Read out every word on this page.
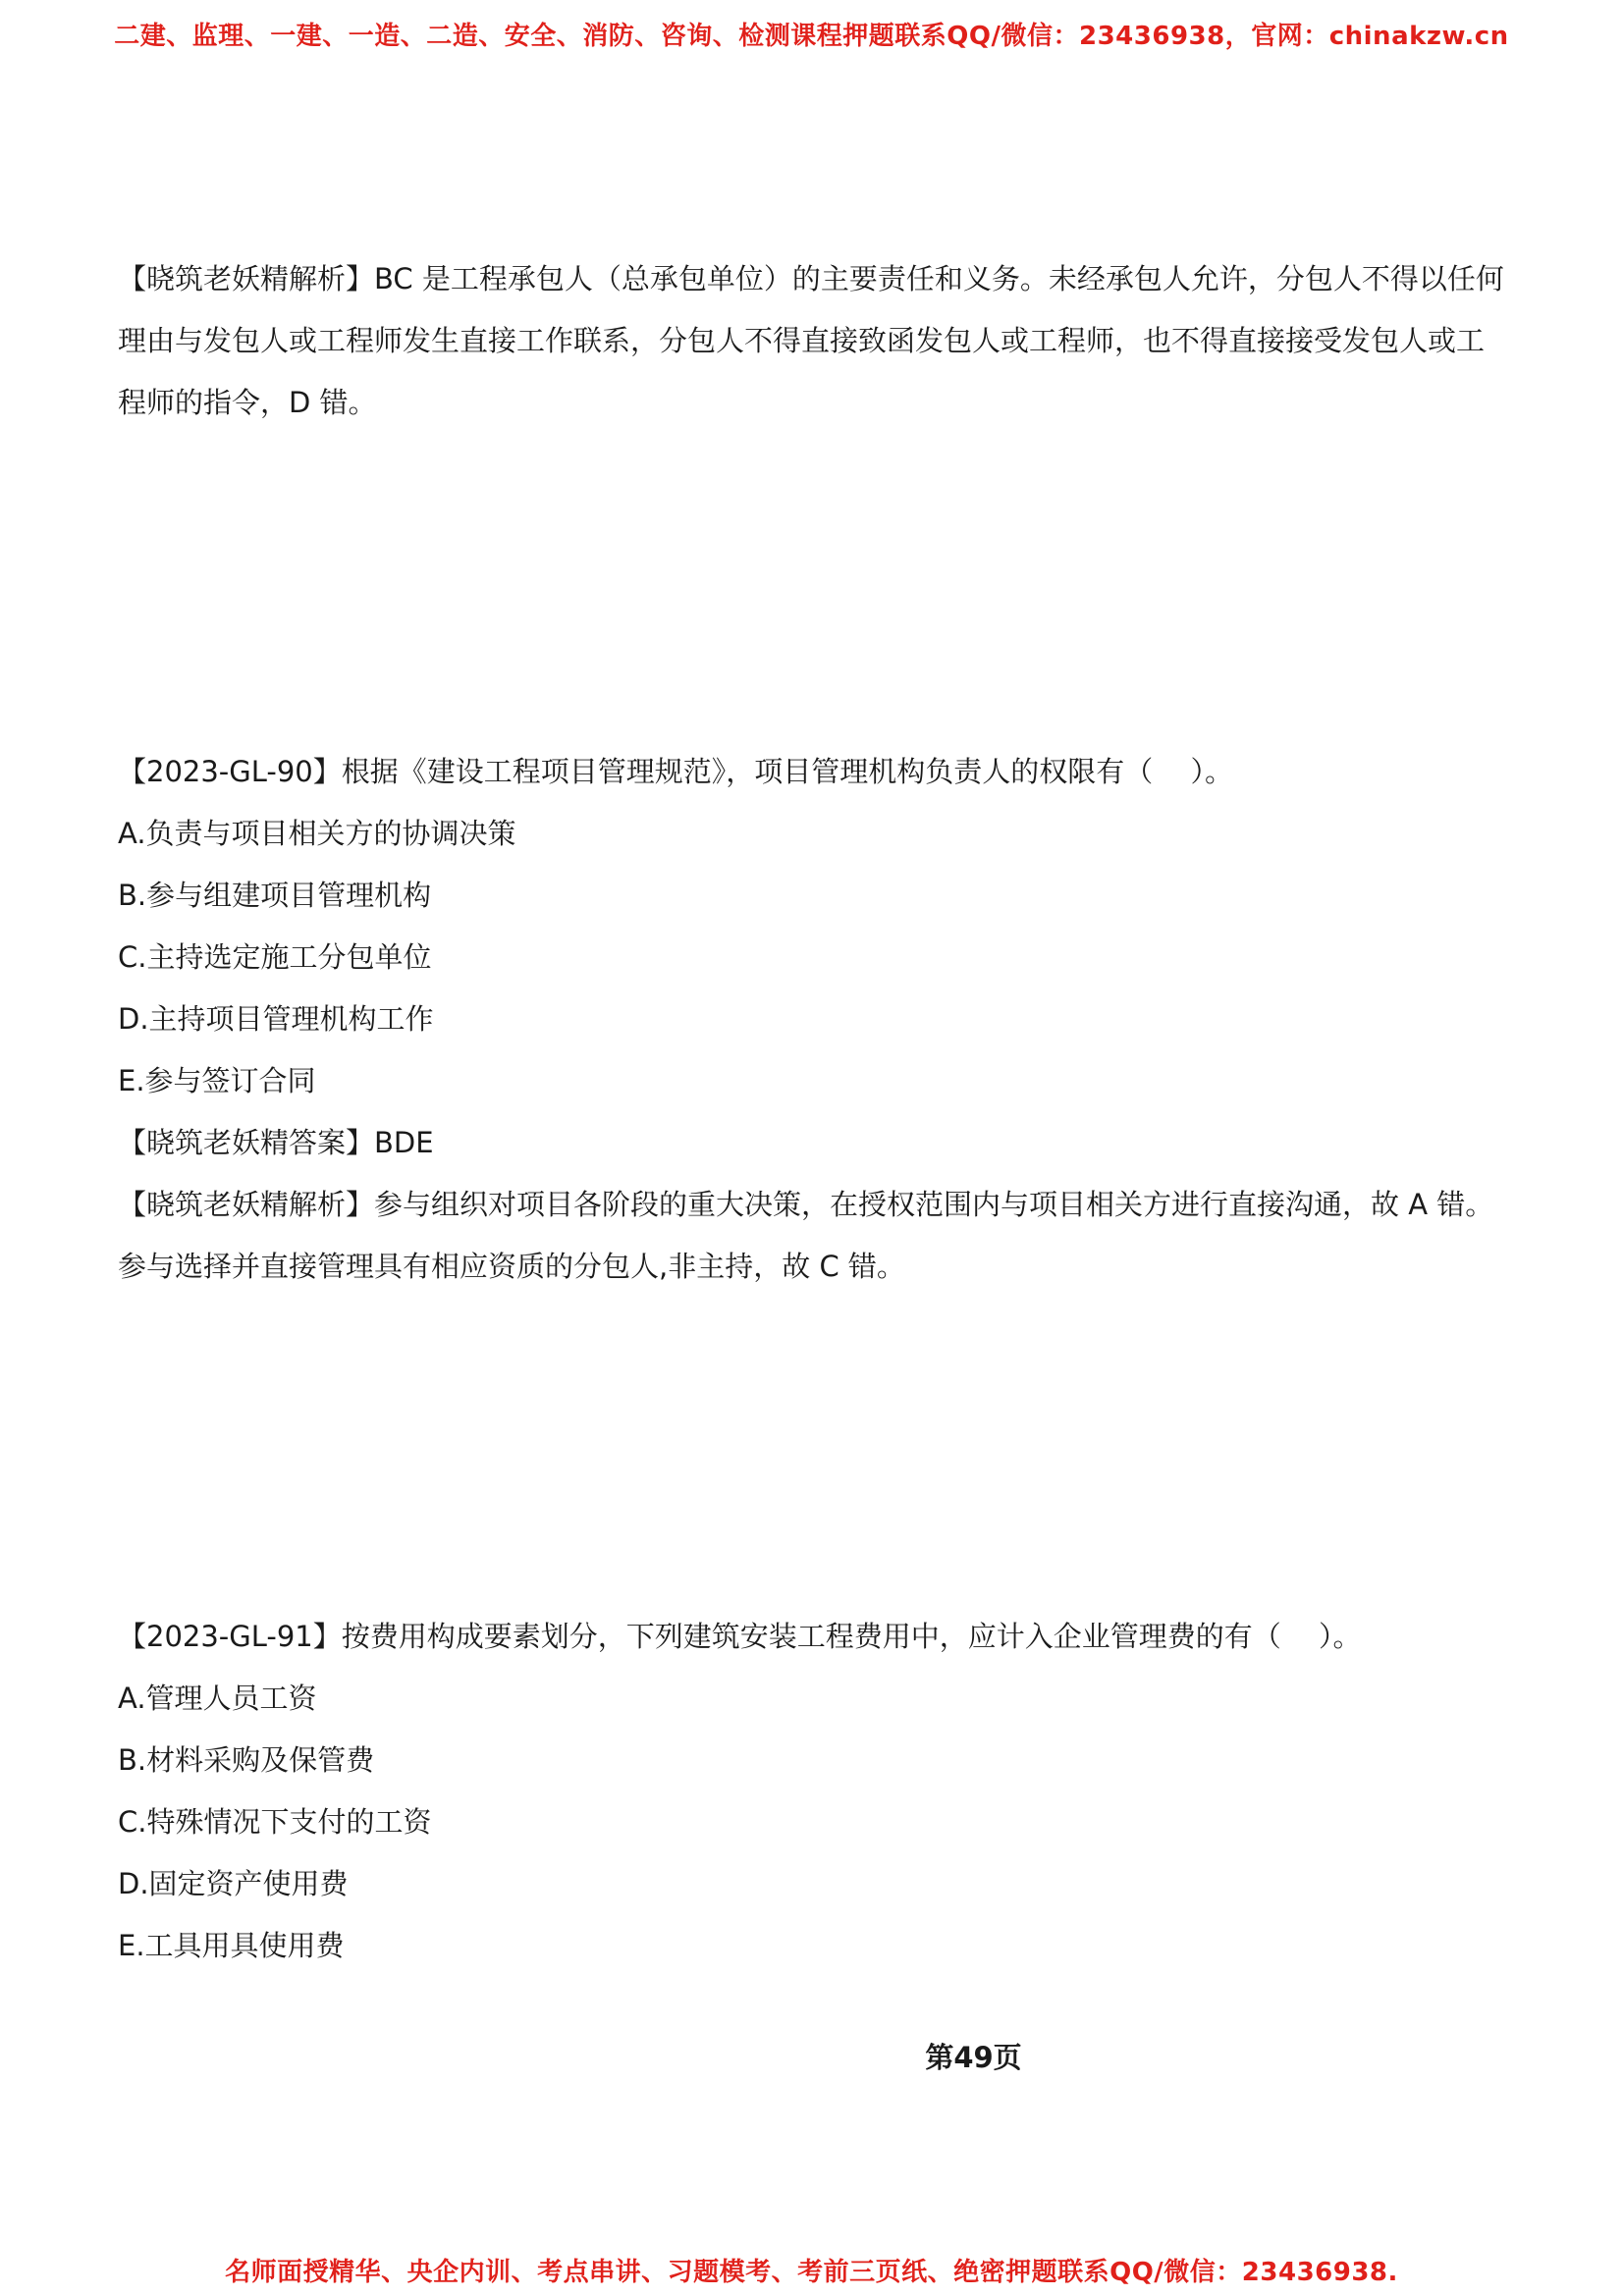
二建、监理、一建、一造、二造、安全、消防、咨询、检测课程押题联系QQ/微信：23436938，官网：chinakzw.cn
【晓筑老妖精解析】BC 是工程承包人（总承包单位）的主要责任和义务。未经承包人允许，分包人不得以任何
理由与发包人或工程师发生直接工作联系，分包人不得直接致函发包人或工程师，也不得直接接受发包人或工
程师的指令，D 错。
【2023-GL-90】根据《建设工程项目管理规范》，项目管理机构负责人的权限有（　 ）。
A.负责与项目相关方的协调决策
B.参与组建项目管理机构
C.主持选定施工分包单位
D.主持项目管理机构工作
E.参与签订合同
【晓筑老妖精答案】BDE
【晓筑老妖精解析】参与组织对项目各阶段的重大决策，在授权范围内与项目相关方进行直接沟通，故 A 错。
参与选择并直接管理具有相应资质的分包人,非主持，故 C 错。
【2023-GL-91】按费用构成要素划分，下列建筑安装工程费用中，应计入企业管理费的有（　 ）。
A.管理人员工资
B.材料采购及保管费
C.特殊情况下支付的工资
D.固定资产使用费
E.工具用具使用费
第49页
名师面授精华、央企内训、考点串讲、习题模考、考前三页纸、绝密押题联系QQ/微信：23436938.
